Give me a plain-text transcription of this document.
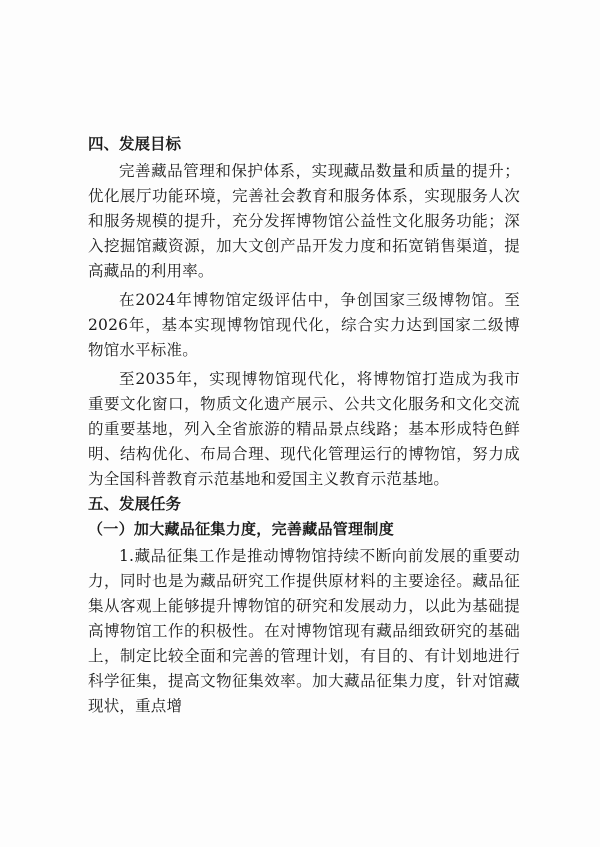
四、发展目标

完善藏品管理和保护体系，实现藏品数量和质量的提升；优化展厅功能环境，完善社会教育和服务体系，实现服务人次和服务规模的提升，充分发挥博物馆公益性文化服务功能；深入挖掘馆藏资源，加大文创产品开发力度和拓宽销售渠道，提高藏品的利用率。

在2024年博物馆定级评估中，争创国家三级博物馆。至2026年，基本实现博物馆现代化，综合实力达到国家二级博物馆水平标准。

至2035年，实现博物馆现代化，将博物馆打造成为我市重要文化窗口，物质文化遗产展示、公共文化服务和文化交流的重要基地，列入全省旅游的精品景点线路；基本形成特色鲜明、结构优化、布局合理、现代化管理运行的博物馆，努力成为全国科普教育示范基地和爱国主义教育示范基地。

五、发展任务

（一）加大藏品征集力度，完善藏品管理制度

1.藏品征集工作是推动博物馆持续不断向前发展的重要动力，同时也是为藏品研究工作提供原材料的主要途径。藏品征集从客观上能够提升博物馆的研究和发展动力，以此为基础提高博物馆工作的积极性。在对博物馆现有藏品细致研究的基础上，制定比较全面和完善的管理计划，有目的、有计划地进行科学征集，提高文物征集效率。加大藏品征集力度，针对馆藏现状，重点增
